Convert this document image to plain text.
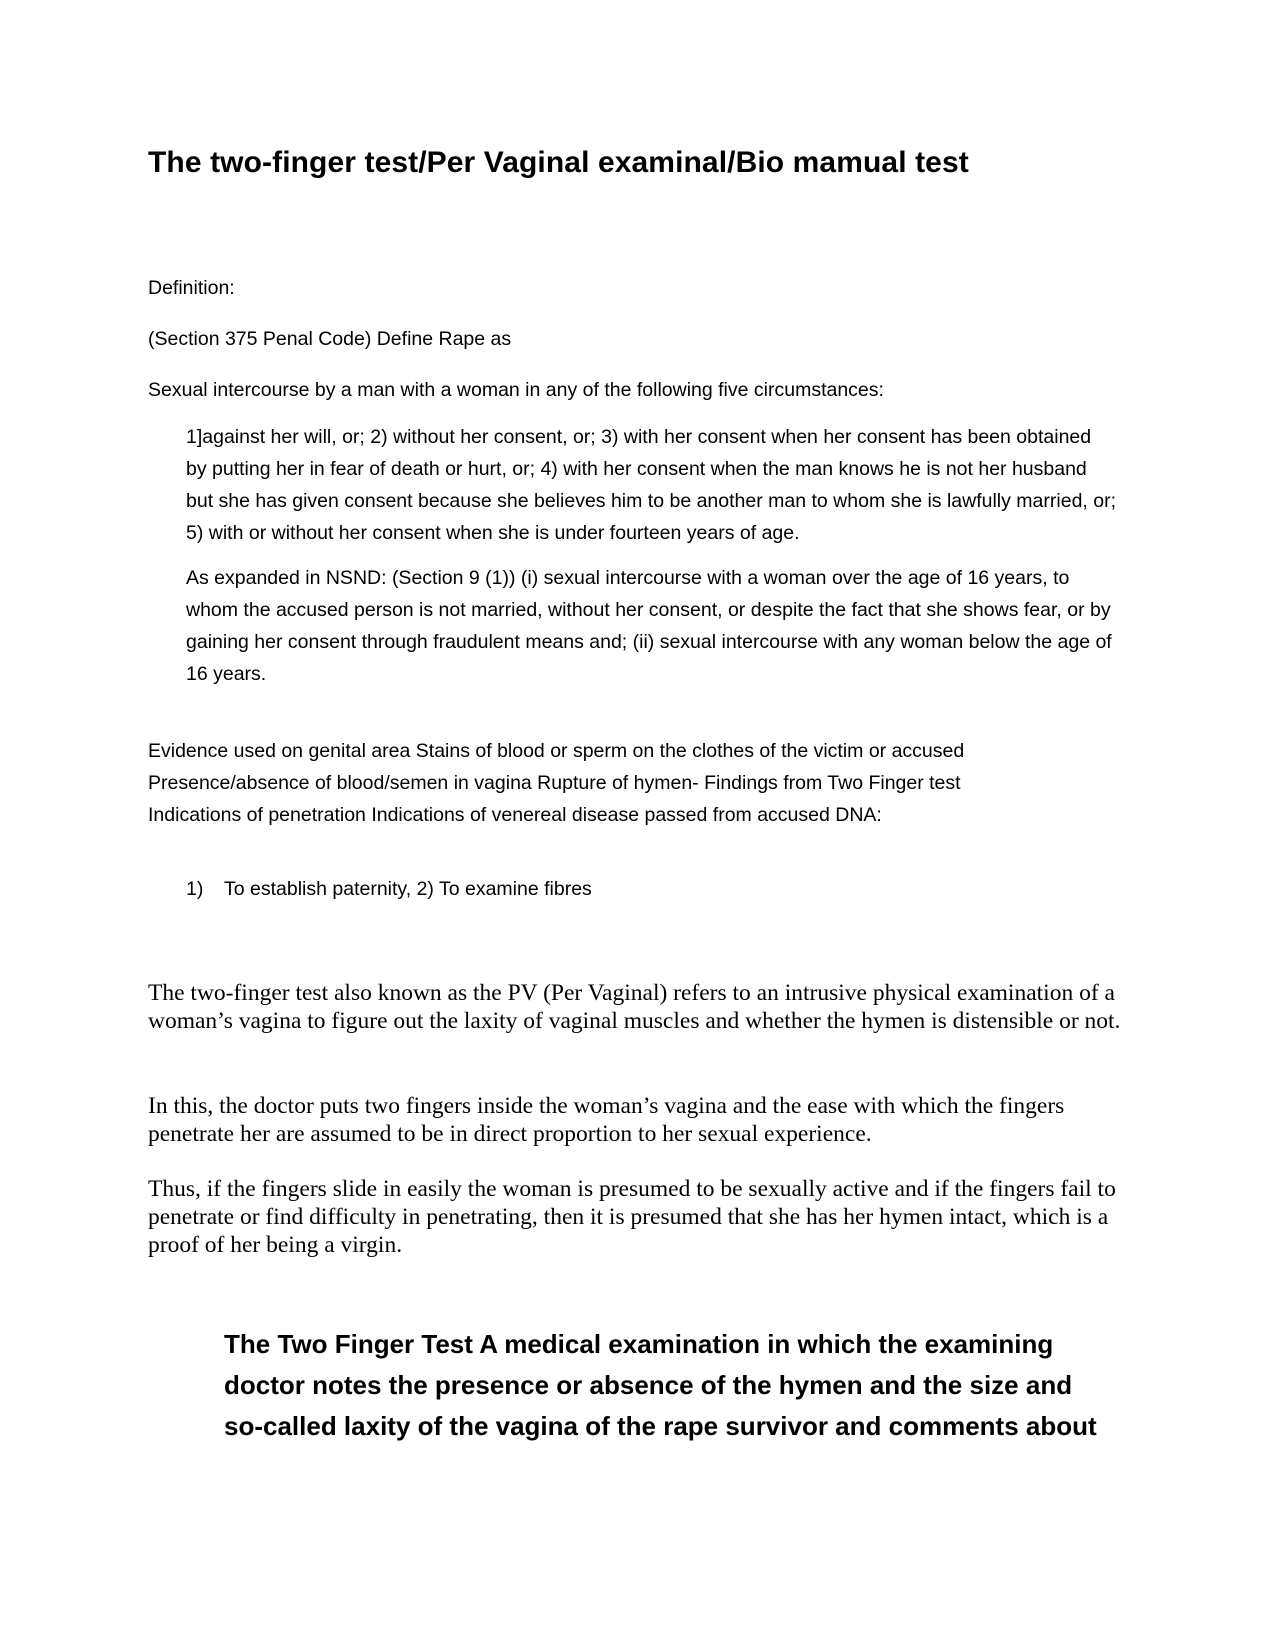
The two-finger test/Per Vaginal examinal/Bio mamual test
Definition:
(Section 375 Penal Code) Define Rape as
Sexual intercourse by a man with a woman in any of the following five circumstances:
1]against her will, or; 2) without her consent, or; 3) with her consent when her consent has been obtained by putting her in fear of death or hurt, or; 4) with her consent when the man knows he is not her husband but she has given consent because she believes him to be another man to whom she is lawfully married, or; 5) with or without her consent when she is under fourteen years of age.
As expanded in NSND: (Section 9 (1)) (i) sexual intercourse with a woman over the age of 16 years, to whom the accused person is not married, without her consent, or despite the fact that she shows fear, or by gaining her consent through fraudulent means and; (ii) sexual intercourse with any woman below the age of 16 years.
Evidence used on genital area Stains of blood or sperm on the clothes of the victim or accused Presence/absence of blood/semen in vagina Rupture of hymen- Findings from Two Finger test Indications of penetration Indications of venereal disease passed from accused DNA:
1) To establish paternity, 2) To examine fibres
The two-finger test also known as the PV (Per Vaginal) refers to an intrusive physical examination of a woman’s vagina to figure out the laxity of vaginal muscles and whether the hymen is distensible or not.
In this, the doctor puts two fingers inside the woman’s vagina and the ease with which the fingers penetrate her are assumed to be in direct proportion to her sexual experience.
Thus, if the fingers slide in easily the woman is presumed to be sexually active and if the fingers fail to penetrate or find difficulty in penetrating, then it is presumed that she has her hymen intact, which is a proof of her being a virgin.
The Two Finger Test A medical examination in which the examining doctor notes the presence or absence of the hymen and the size and so-called laxity of the vagina of the rape survivor and comments about
